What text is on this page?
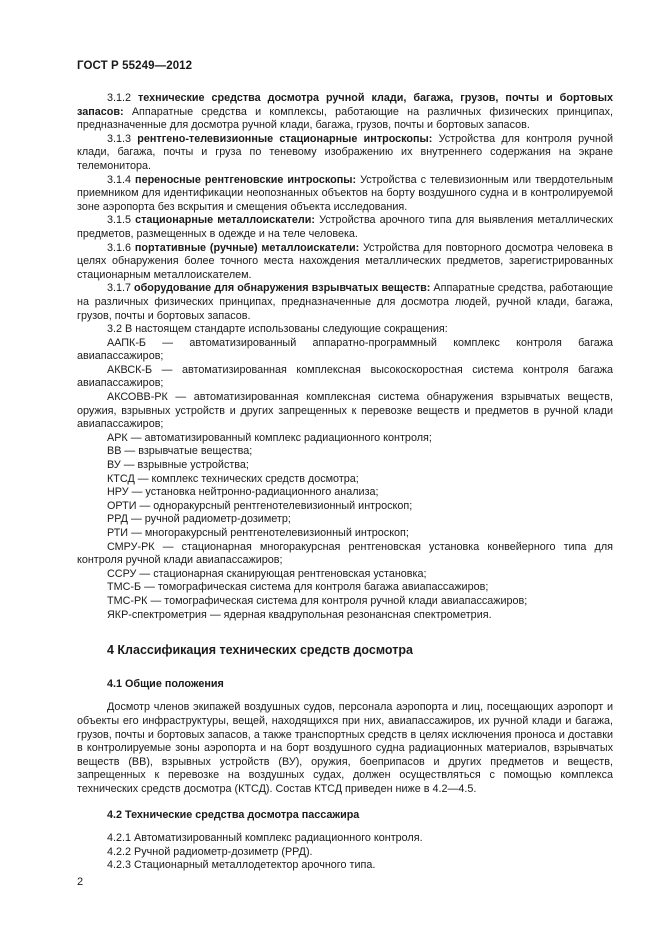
ГОСТ Р 55249—2012

3.1.2 технические средства досмотра ручной клади, багажа, грузов, почты и бортовых запасов: Аппаратные средства и комплексы, работающие на различных физических принципах, предназначенные для досмотра ручной клади, багажа, грузов, почты и бортовых запасов.

3.1.3 рентгено-телевизионные стационарные интроскопы: Устройства для контроля ручной клади, багажа, почты и груза по теневому изображению их внутреннего содержания на экране телемонитора.

3.1.4 переносные рентгеновские интроскопы: Устройства с телевизионным или твердотельным приемником для идентификации неопознанных объектов на борту воздушного судна и в контролируемой зоне аэропорта без вскрытия и смещения объекта исследования.

3.1.5 стационарные металлоискатели: Устройства арочного типа для выявления металлических предметов, размещенных в одежде и на теле человека.

3.1.6 портативные (ручные) металлоискатели: Устройства для повторного досмотра человека в целях обнаружения более точного места нахождения металлических предметов, зарегистрированных стационарным металлоискателем.

3.1.7 оборудование для обнаружения взрывчатых веществ: Аппаратные средства, работающие на различных физических принципах, предназначенные для досмотра людей, ручной клади, багажа, грузов, почты и бортовых запасов.

3.2 В настоящем стандарте использованы следующие сокращения:

ААПК-Б — автоматизированный аппаратно-программный комплекс контроля багажа авиапассажиров;

АКВСК-Б — автоматизированная комплексная высокоскоростная система контроля багажа авиапассажиров;

АКСОВВ-РК — автоматизированная комплексная система обнаружения взрывчатых веществ, оружия, взрывных устройств и других запрещенных к перевозке веществ и предметов в ручной клади авиапассажиров;

АРК — автоматизированный комплекс радиационного контроля;

ВВ — взрывчатые вещества;

ВУ — взрывные устройства;

КТСД — комплекс технических средств досмотра;

НРУ — установка нейтронно-радиационного анализа;

ОРТИ — одноракурсный рентгенотелевизионный интроскоп;

РРД — ручной радиометр-дозиметр;

РТИ — многоракурсный рентгенотелевизионный интроскоп;

СМРУ-РК — стационарная многоракурсная рентгеновская установка конвейерного типа для контроля ручной клади авиапассажиров;

ССРУ — стационарная сканирующая рентгеновская установка;

ТМС-Б — томографическая система для контроля багажа авиапассажиров;

ТМС-РК — томографическая система для контроля ручной клади авиапассажиров;

ЯКР-спектрометрия — ядерная квадрупольная резонансная спектрометрия.

4 Классификация технических средств досмотра
4.1 Общие положения

Досмотр членов экипажей воздушных судов, персонала аэропорта и лиц, посещающих аэропорт и объекты его инфраструктуры, вещей, находящихся при них, авиапассажиров, их ручной клади и багажа, грузов, почты и бортовых запасов, а также транспортных средств в целях исключения проноса и доставки в контролируемые зоны аэропорта и на борт воздушного судна радиационных материалов, взрывчатых веществ (ВВ), взрывных устройств (ВУ), оружия, боеприпасов и других предметов и веществ, запрещенных к перевозке на воздушных судах, должен осуществляться с помощью комплекса технических средств досмотра (КТСД). Состав КТСД приведен ниже в 4.2—4.5.

4.2 Технические средства досмотра пассажира

4.2.1 Автоматизированный комплекс радиационного контроля.

4.2.2 Ручной радиометр-дозиметр (РРД).

4.2.3 Стационарный металлодетектор арочного типа.

2
